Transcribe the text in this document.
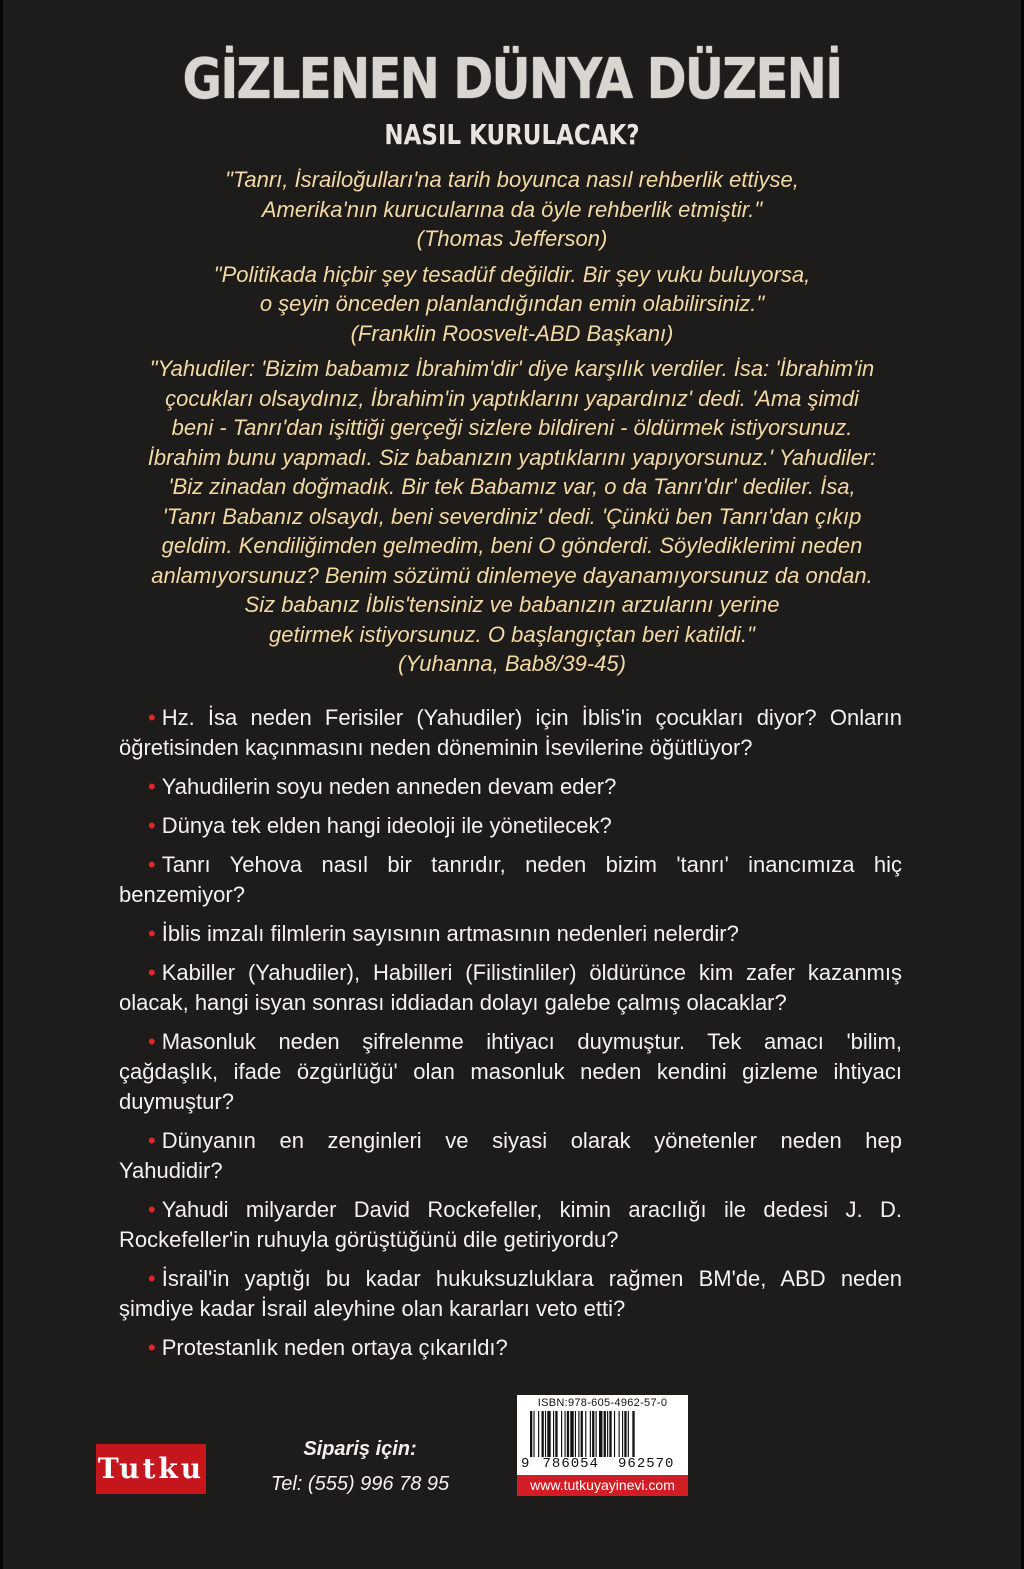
GİZLENEN DÜNYA DÜZENİ
NASIL KURULACAK?
"Tanrı, İsrailoğulları'na tarih boyunca nasıl rehberlik ettiyse,
Amerika'nın kurucularına da öyle rehberlik etmiştir."
(Thomas Jefferson)
"Politikada hiçbir şey tesadüf değildir. Bir şey vuku buluyorsa,
o şeyin önceden planlandığından emin olabilirsiniz."
(Franklin Roosvelt-ABD Başkanı)
"Yahudiler: 'Bizim babamız İbrahim'dir' diye karşılık verdiler. İsa: 'İbrahim'in
çocukları olsaydınız, İbrahim'in yaptıklarını yapardınız' dedi. 'Ama şimdi
beni - Tanrı'dan işittiği gerçeği sizlere bildireni - öldürmek istiyorsunuz.
İbrahim bunu yapmadı. Siz babanızın yaptıklarını yapıyorsunuz.' Yahudiler:
'Biz zinadan doğmadık. Bir tek Babamız var, o da Tanrı'dır' dediler. İsa,
'Tanrı Babanız olsaydı, beni severdiniz' dedi. 'Çünkü ben Tanrı'dan çıkıp
geldim. Kendiliğimden gelmedim, beni O gönderdi. Söylediklerimi neden
anlamıyorsunuz? Benim sözümü dinlemeye dayanamıyorsunuz da ondan.
Siz babanız İblis'tensiniz ve babanızın arzularını yerine
getirmek istiyorsunuz. O başlangıçtan beri katildi."
(Yuhanna, Bab8/39-45)
• Hz. İsa neden Ferisiler (Yahudiler) için İblis'in çocukları diyor? Onların
öğretisinden kaçınmasını neden döneminin İsevilerine öğütlüyor?
• Yahudilerin soyu neden anneden devam eder?
• Dünya tek elden hangi ideoloji ile yönetilecek?
• Tanrı Yehova nasıl bir tanrıdır, neden bizim 'tanrı' inancımıza hiç
benzemiyor?
• İblis imzalı filmlerin sayısının artmasının nedenleri nelerdir?
• Kabiller (Yahudiler), Habilleri (Filistinliler) öldürünce kim zafer kazanmış
olacak, hangi isyan sonrası iddiadan dolayı galebe çalmış olacaklar?
• Masonluk neden şifrelenme ihtiyacı duymuştur. Tek amacı 'bilim,
çağdaşlık, ifade özgürlüğü' olan masonluk neden kendini gizleme ihtiyacı
duymuştur?
• Dünyanın en zenginleri ve siyasi olarak yönetenler neden hep
Yahudidir?
• Yahudi milyarder David Rockefeller, kimin aracılığı ile dedesi J. D.
Rockefeller'in ruhuyla görüştüğünü dile getiriyordu?
• İsrail'in yaptığı bu kadar hukuksuzluklara rağmen BM'de, ABD neden
şimdiye kadar İsrail aleyhine olan kararları veto etti?
• Protestanlık neden ortaya çıkarıldı?
Tutku
Sipariş için:
Tel: (555) 996 78 95
ISBN:978-605-4962-57-0
9 786054	962570
www.tutkuyayinevi.com
